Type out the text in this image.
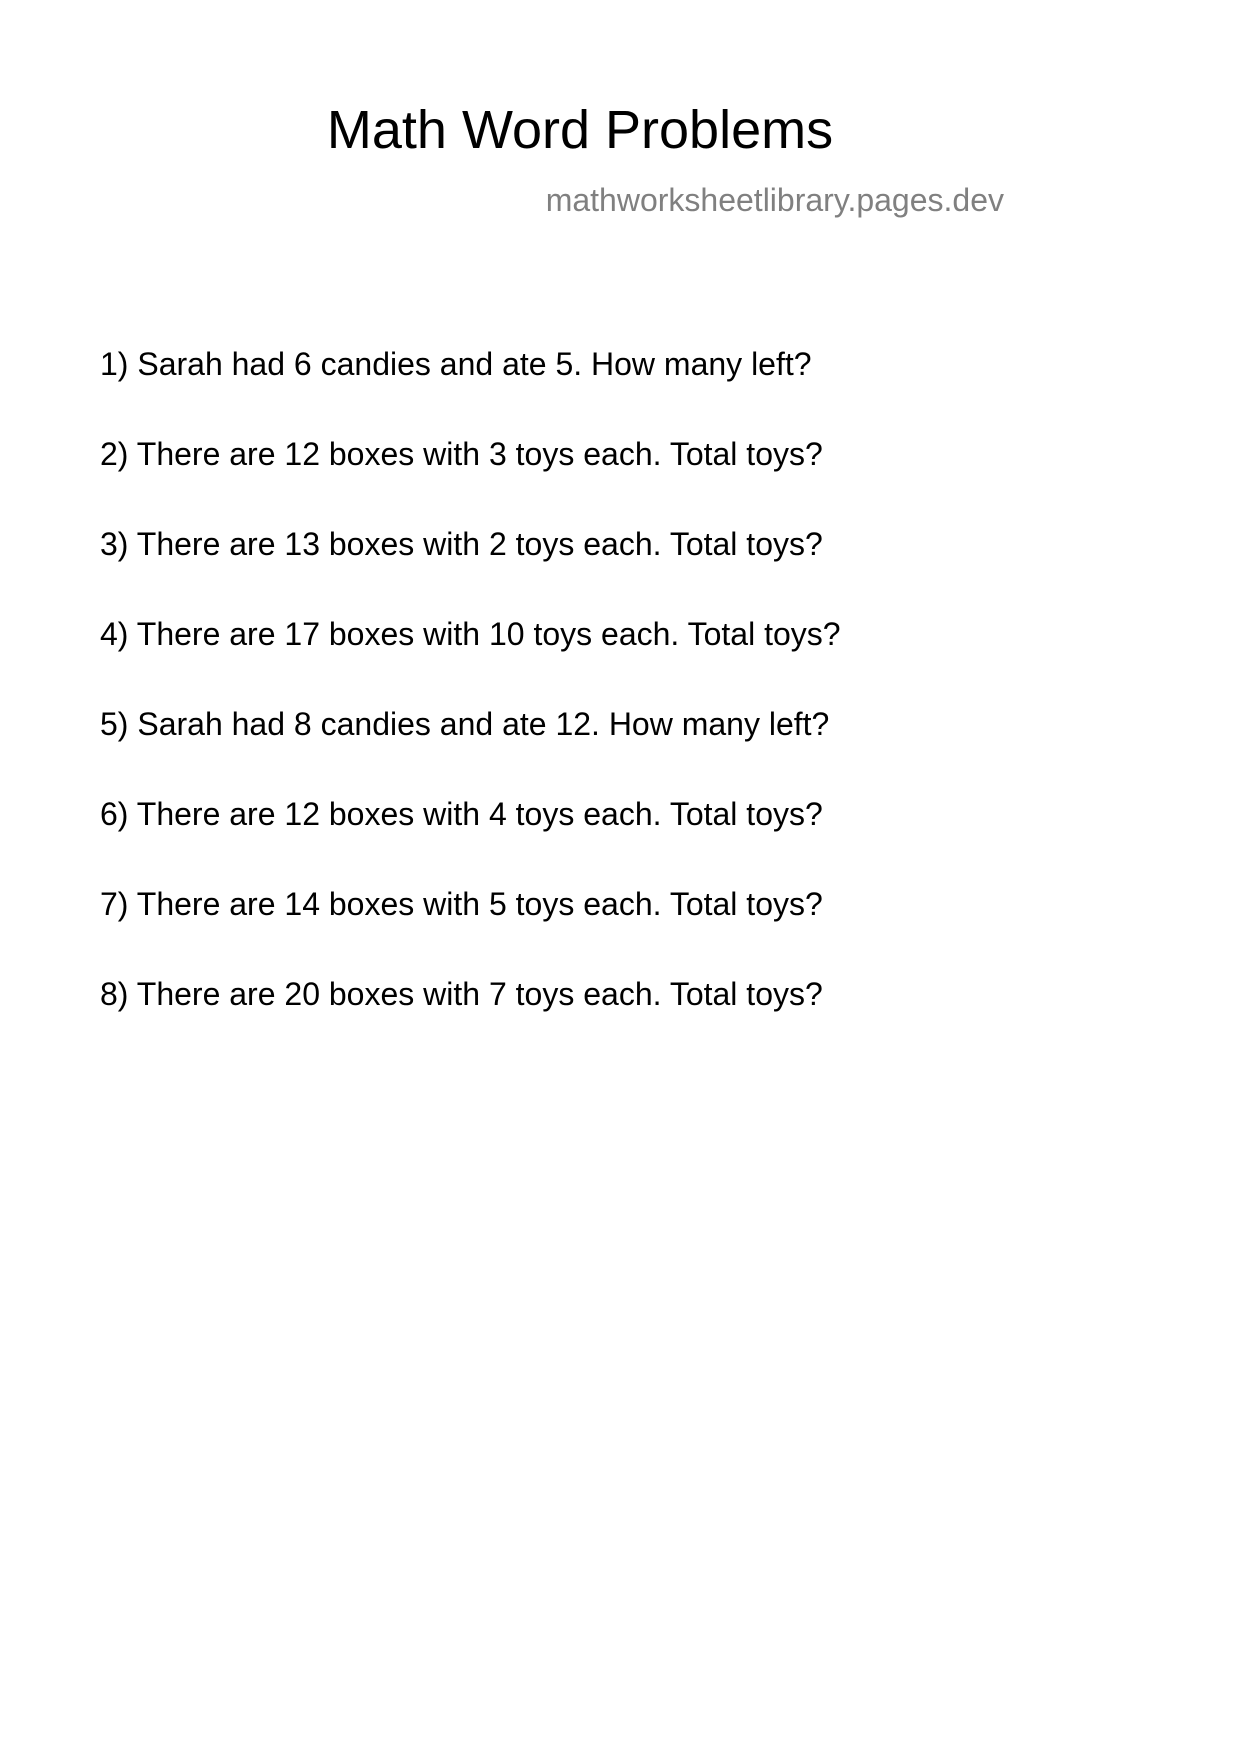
Math Word Problems
mathworksheetlibrary.pages.dev
1) Sarah had 6 candies and ate 5. How many left?
2) There are 12 boxes with 3 toys each. Total toys?
3) There are 13 boxes with 2 toys each. Total toys?
4) There are 17 boxes with 10 toys each. Total toys?
5) Sarah had 8 candies and ate 12. How many left?
6) There are 12 boxes with 4 toys each. Total toys?
7) There are 14 boxes with 5 toys each. Total toys?
8) There are 20 boxes with 7 toys each. Total toys?
